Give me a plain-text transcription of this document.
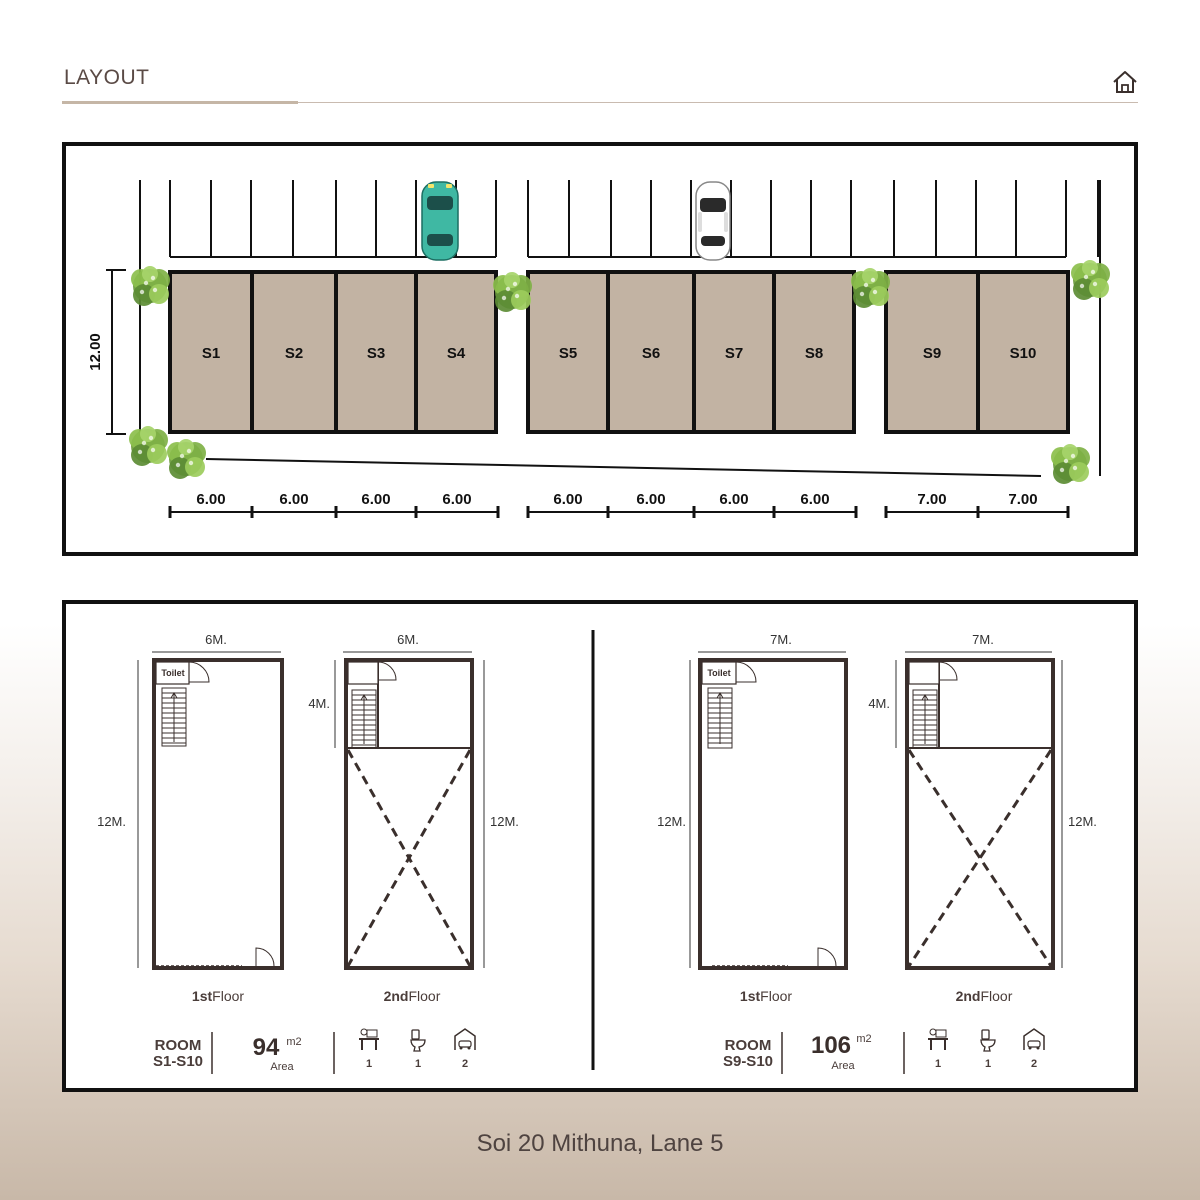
LAYOUT
12.00	S1	S2	S3	S4	S5	S6	S7	S8	S9	S10
6.00	6.00	6.00	6.00	6.00	6.00	6.00	6.00	7.00	7.00
6M.	6M.
Toilet
12M.
4M.
12M.
1stFloor	2ndFloor
ROOM
S1-S10
94 m2
Area	1	1	2
7M.	7M.
Toilet
12M.
4M.
12M.
1stFloor	2ndFloor
ROOM
S9-S10
106 m2
Area	1	1	2
Soi 20 Mithuna, Lane 5
